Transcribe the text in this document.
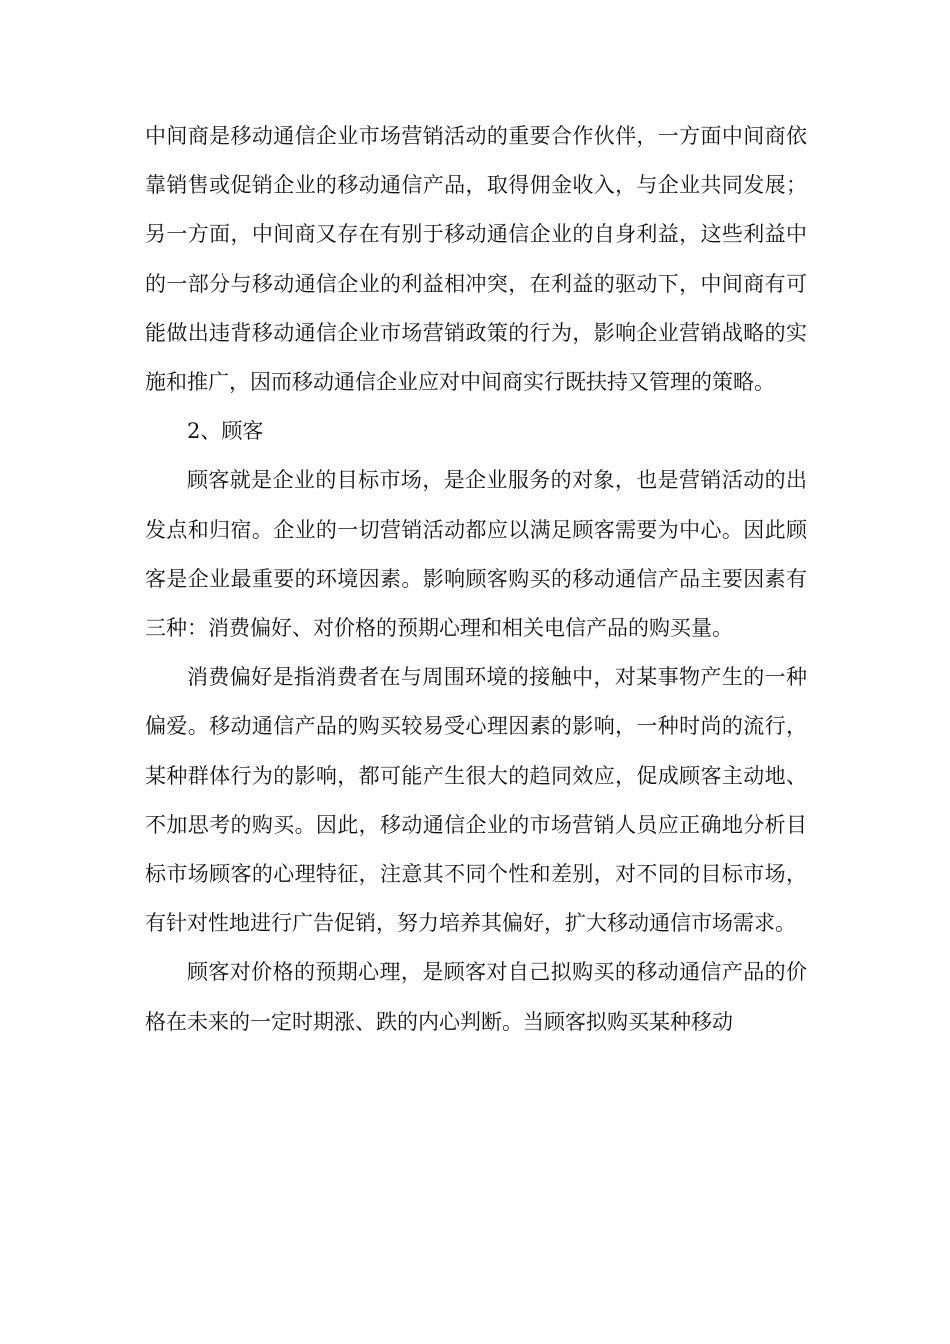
中间商是移动通信企业市场营销活动的重要合作伙伴，一方面中间商依靠销售或促销企业的移动通信产品，取得佣金收入，与企业共同发展；另一方面，中间商又存在有别于移动通信企业的自身利益，这些利益中的一部分与移动通信企业的利益相冲突，在利益的驱动下，中间商有可能做出违背移动通信企业市场营销政策的行为，影响企业营销战略的实施和推广，因而移动通信企业应对中间商实行既扶持又管理的策略。

2、顾客

顾客就是企业的目标市场，是企业服务的对象，也是营销活动的出发点和归宿。企业的一切营销活动都应以满足顾客需要为中心。因此顾客是企业最重要的环境因素。影响顾客购买的移动通信产品主要因素有三种：消费偏好、对价格的预期心理和相关电信产品的购买量。

消费偏好是指消费者在与周围环境的接触中，对某事物产生的一种偏爱。移动通信产品的购买较易受心理因素的影响，一种时尚的流行，某种群体行为的影响，都可能产生很大的趋同效应，促成顾客主动地、不加思考的购买。因此，移动通信企业的市场营销人员应正确地分析目标市场顾客的心理特征，注意其不同个性和差别，对不同的目标市场，有针对性地进行广告促销，努力培养其偏好，扩大移动通信市场需求。

顾客对价格的预期心理，是顾客对自己拟购买的移动通信产品的价格在未来的一定时期涨、跌的内心判断。当顾客拟购买某种移动
